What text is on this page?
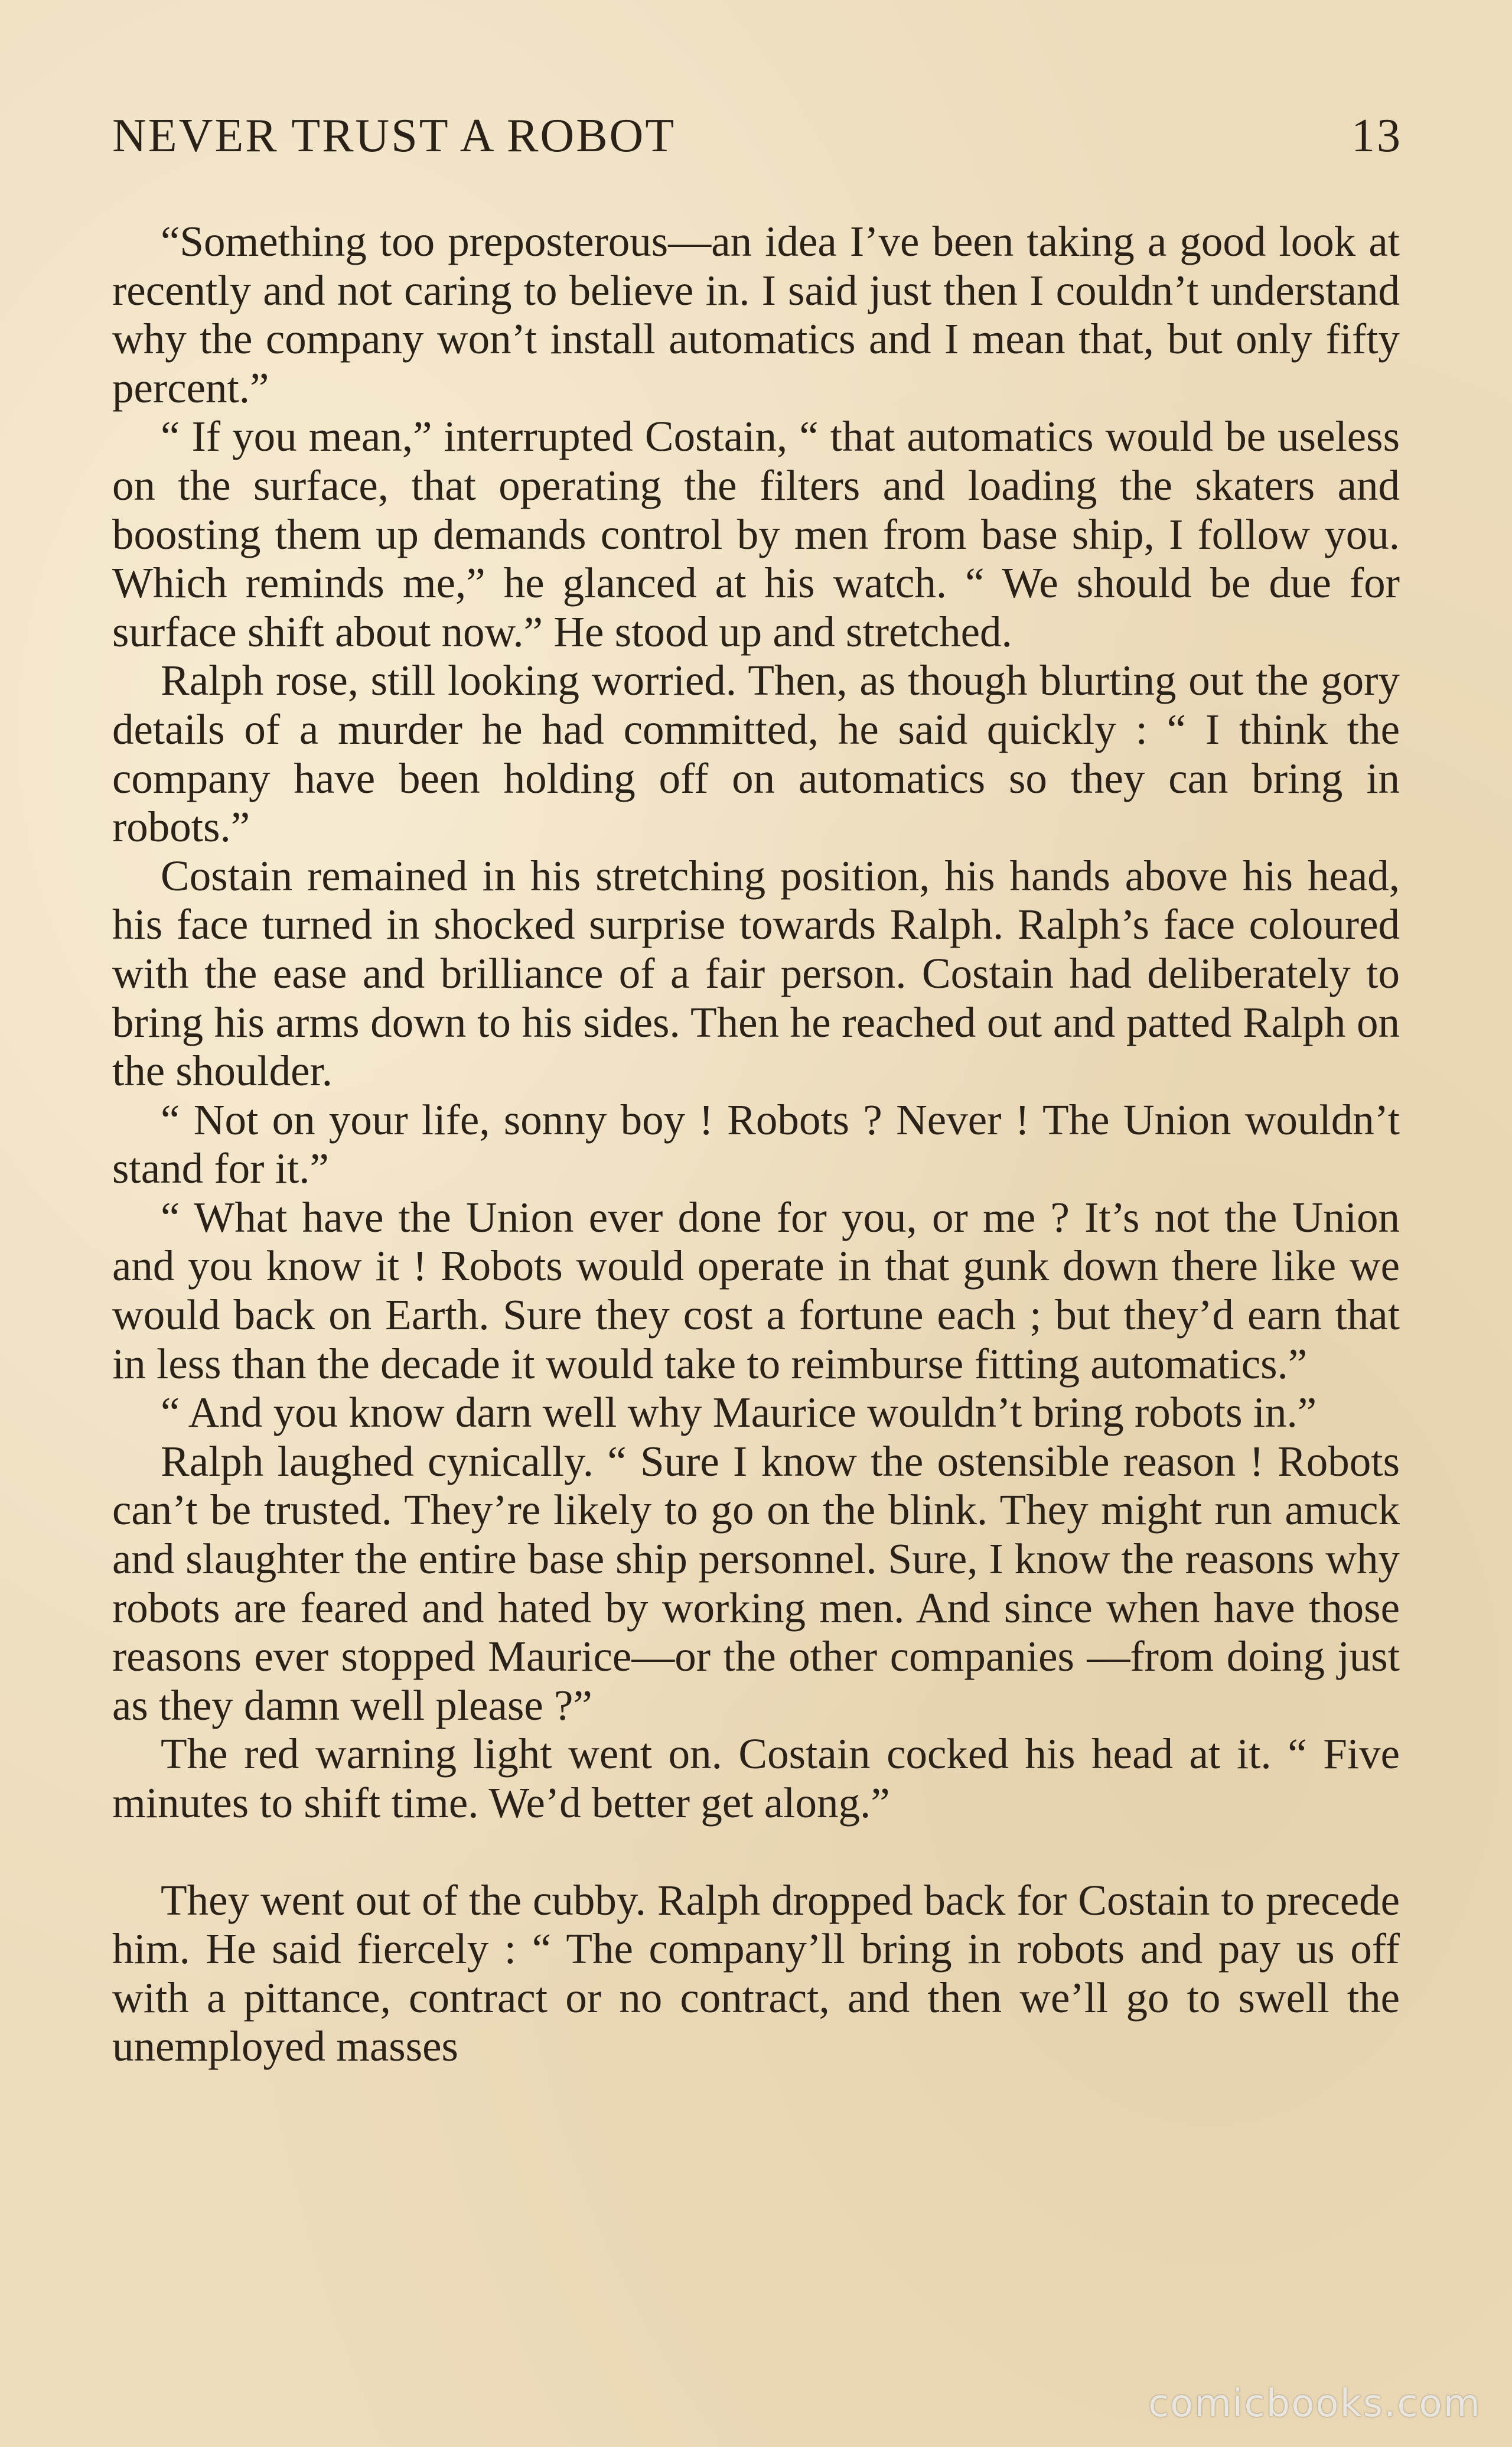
NEVER TRUST A ROBOT	13

“Something too preposterous—an idea I’ve been taking a good look at recently and not caring to believe in. I said just then I couldn’t understand why the company won’t install automatics and I mean that, but only fifty percent.”

“ If you mean,” interrupted Costain, “ that automatics would be useless on the surface, that operating the filters and loading the skaters and boosting them up demands control by men from base ship, I follow you. Which reminds me,” he glanced at his watch. “ We should be due for surface shift about now.” He stood up and stretched.

Ralph rose, still looking worried. Then, as though blurting out the gory details of a murder he had committed, he said quickly : “ I think the company have been holding off on automatics so they can bring in robots.”

Costain remained in his stretching position, his hands above his head, his face turned in shocked surprise towards Ralph. Ralph’s face coloured with the ease and brilliance of a fair person. Costain had deliberately to bring his arms down to his sides. Then he reached out and patted Ralph on the shoulder.

“ Not on your life, sonny boy ! Robots ? Never ! The Union wouldn’t stand for it.”

“ What have the Union ever done for you, or me ? It’s not the Union and you know it ! Robots would operate in that gunk down there like we would back on Earth. Sure they cost a fortune each ; but they’d earn that in less than the decade it would take to reimburse fitting automatics.”

“ And you know darn well why Maurice wouldn’t bring robots in.”

Ralph laughed cynically. “ Sure I know the ostensible reason ! Robots can’t be trusted. They’re likely to go on the blink. They might run amuck and slaughter the entire base ship personnel. Sure, I know the reasons why robots are feared and hated by working men. And since when have those reasons ever stopped Maurice—or the other companies —from doing just as they damn well please ?”

The red warning light went on. Costain cocked his head at it. “ Five minutes to shift time. We’d better get along.”

They went out of the cubby. Ralph dropped back for Costain to precede him. He said fiercely : “ The company’ll bring in robots and pay us off with a pittance, contract or no contract, and then we’ll go to swell the unemployed masses

comicbooks.com
